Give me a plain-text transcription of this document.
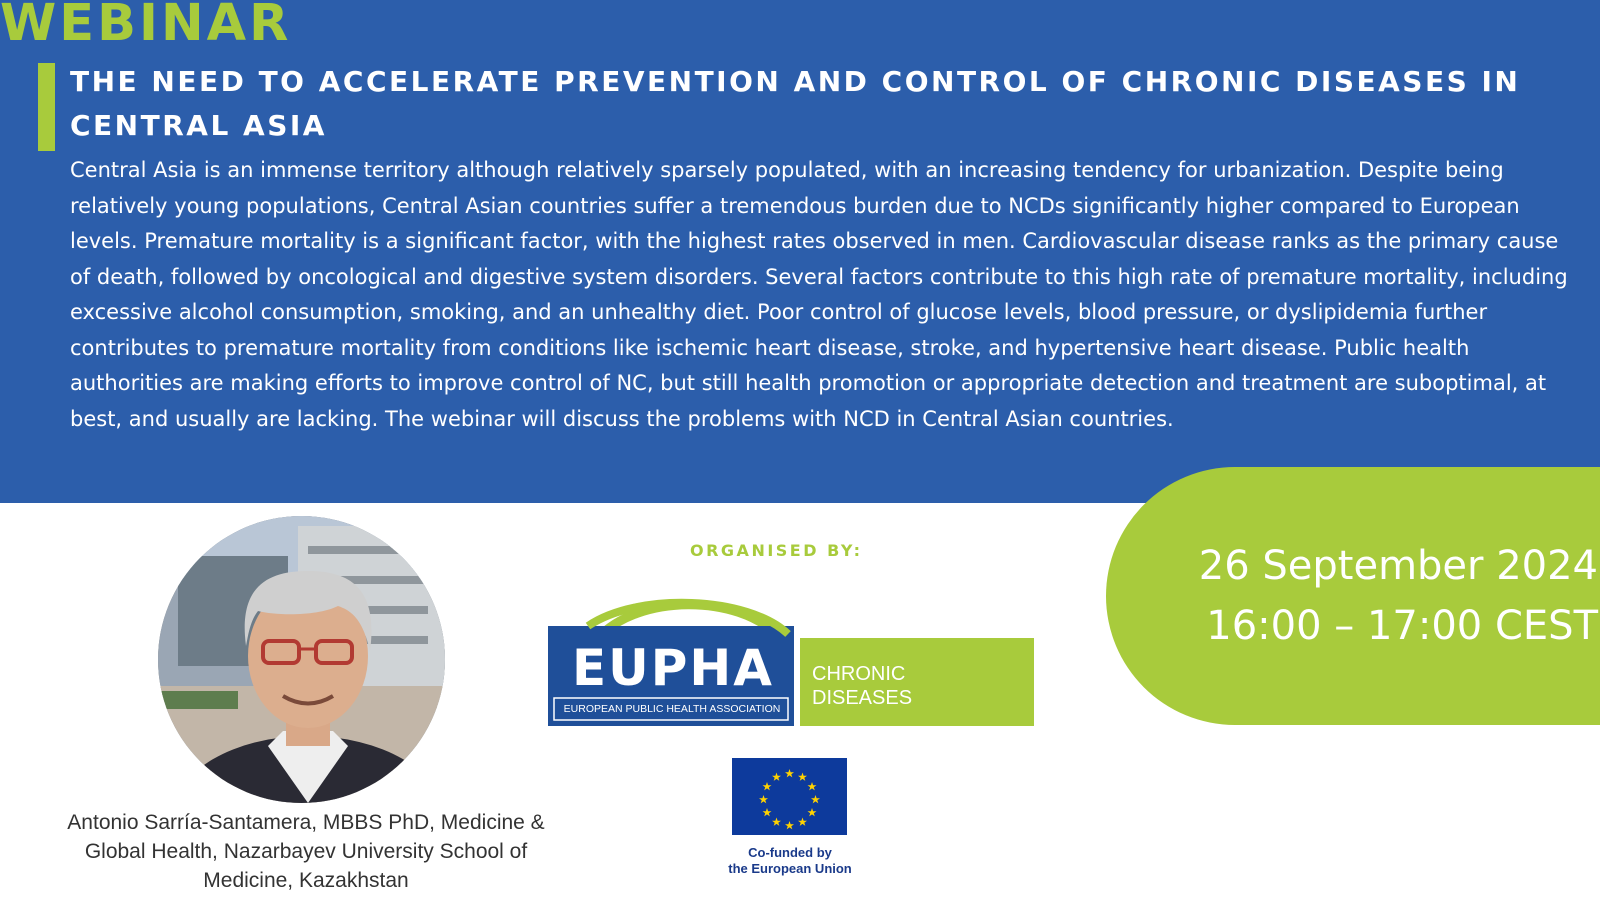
WEBINAR
THE NEED TO ACCELERATE PREVENTION AND CONTROL OF CHRONIC DISEASES IN CENTRAL ASIA

Central Asia is an immense territory although relatively sparsely populated, with an increasing tendency for urbanization. Despite being relatively young populations, Central Asian countries suffer a tremendous burden due to NCDs significantly higher compared to European levels. Premature mortality is a significant factor, with the highest rates observed in men. Cardiovascular disease ranks as the primary cause of death, followed by oncological and digestive system disorders. Several factors contribute to this high rate of premature mortality, including excessive alcohol consumption, smoking, and an unhealthy diet. Poor control of glucose levels, blood pressure, or dyslipidemia further contributes to premature mortality from conditions like ischemic heart disease, stroke, and hypertensive heart disease. Public health authorities are making efforts to improve control of NC, but still health promotion or appropriate detection and treatment are suboptimal, at best, and usually are lacking. The webinar will discuss the problems with NCD in Central Asian countries.

26 September 2024
16:00 – 17:00 CEST

Antonio Sarría-Santamera, MBBS PhD, Medicine & Global Health, Nazarbayev University School of Medicine, Kazakhstan

ORGANISED BY:
EUPHA
EUROPEAN PUBLIC HEALTH ASSOCIATION
CHRONIC
DISEASES
Co-funded by
the European Union
